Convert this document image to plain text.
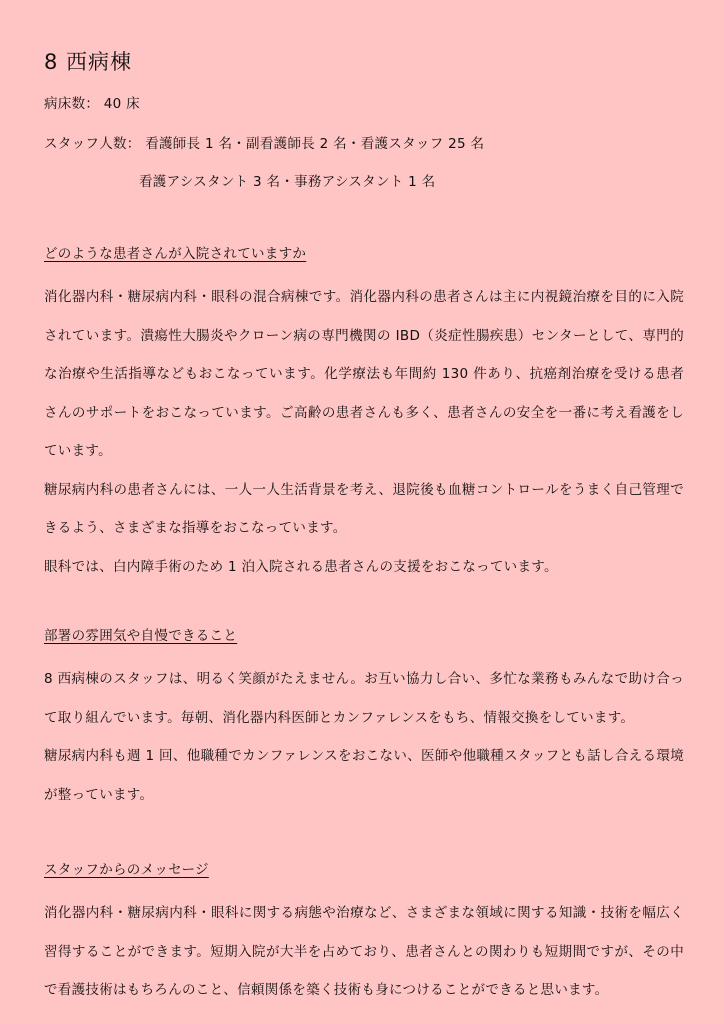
8 西病棟
病床数： 40 床
スタッフ人数： 看護師長 1 名・副看護師長 2 名・看護スタッフ 25 名
看護アシスタント 3 名・事務アシスタント 1 名
どのような患者さんが入院されていますか

消化器内科・糖尿病内科・眼科の混合病棟です。消化器内科の患者さんは主に内視鏡治療を目的に入院されています。潰瘍性大腸炎やクローン病の専門機関の IBD（炎症性腸疾患）センターとして、専門的な治療や生活指導などもおこなっています。化学療法も年間約 130 件あり、抗癌剤治療を受ける患者さんのサポートをおこなっています。ご高齢の患者さんも多く、患者さんの安全を一番に考え看護をしています。

糖尿病内科の患者さんには、一人一人生活背景を考え、退院後も血糖コントロールをうまく自己管理できるよう、さまざまな指導をおこなっています。

眼科では、白内障手術のため 1 泊入院される患者さんの支援をおこなっています。

部署の雰囲気や自慢できること

8 西病棟のスタッフは、明るく笑顔がたえません。お互い協力し合い、多忙な業務もみんなで助け合って取り組んでいます。毎朝、消化器内科医師とカンファレンスをもち、情報交換をしています。

糖尿病内科も週 1 回、他職種でカンファレンスをおこない、医師や他職種スタッフとも話し合える環境が整っています。

スタッフからのメッセージ

消化器内科・糖尿病内科・眼科に関する病態や治療など、さまざまな領域に関する知識・技術を幅広く習得することができます。短期入院が大半を占めており、患者さんとの関わりも短期間ですが、その中で看護技術はもちろんのこと、信頼関係を築く技術も身につけることができると思います。
